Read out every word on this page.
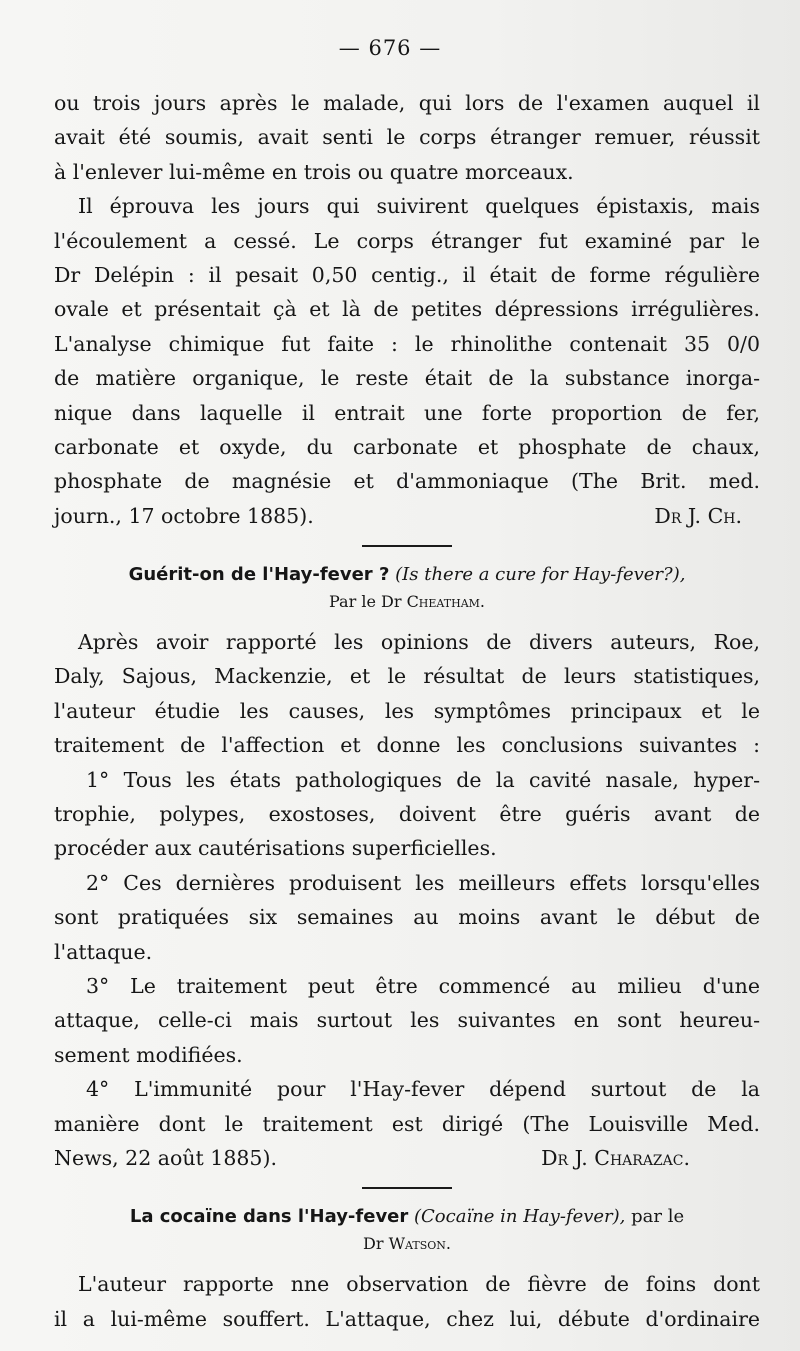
— 676 —
ou trois jours après le malade, qui lors de l'examen auquel il
avait été soumis, avait senti le corps étranger remuer, réussit
à l'enlever lui-même en trois ou quatre morceaux.
Il éprouva les jours qui suivirent quelques épistaxis, mais
l'écoulement a cessé. Le corps étranger fut examiné par le
Dr Delépin : il pesait 0,50 centig., il était de forme régulière
ovale et présentait çà et là de petites dépressions irrégulières.
L'analyse chimique fut faite : le rhinolithe contenait 35 0/0
de matière organique, le reste était de la substance inorga-
nique dans laquelle il entrait une forte proportion de fer,
carbonate et oxyde, du carbonate et phosphate de chaux,
phosphate de magnésie et d'ammoniaque (The Brit. med.
journ., 17 octobre 1885).	Dr J. Ch.
Guérit-on de l'Hay-fever ? (Is there a cure for Hay-fever?),
Par le Dr Cheatham.
Après avoir rapporté les opinions de divers auteurs, Roe,
Daly, Sajous, Mackenzie, et le résultat de leurs statistiques,
l'auteur étudie les causes, les symptômes principaux et le
traitement de l'affection et donne les conclusions suivantes :
1° Tous les états pathologiques de la cavité nasale, hyper-
trophie, polypes, exostoses, doivent être guéris avant de
procéder aux cautérisations superficielles.
2° Ces dernières produisent les meilleurs effets lorsqu'elles
sont pratiquées six semaines au moins avant le début de
l'attaque.
3° Le traitement peut être commencé au milieu d'une
attaque, celle-ci mais surtout les suivantes en sont heureu-
sement modifiées.
4° L'immunité pour l'Hay-fever dépend surtout de la
manière dont le traitement est dirigé (The Louisville Med.
News, 22 août 1885).	Dr J. Charazac.
La cocaïne dans l'Hay-fever (Cocaïne in Hay-fever), par le
Dr Watson.
L'auteur rapporte nne observation de fièvre de foins dont
il a lui-même souffert. L'attaque, chez lui, débute d'ordinaire
